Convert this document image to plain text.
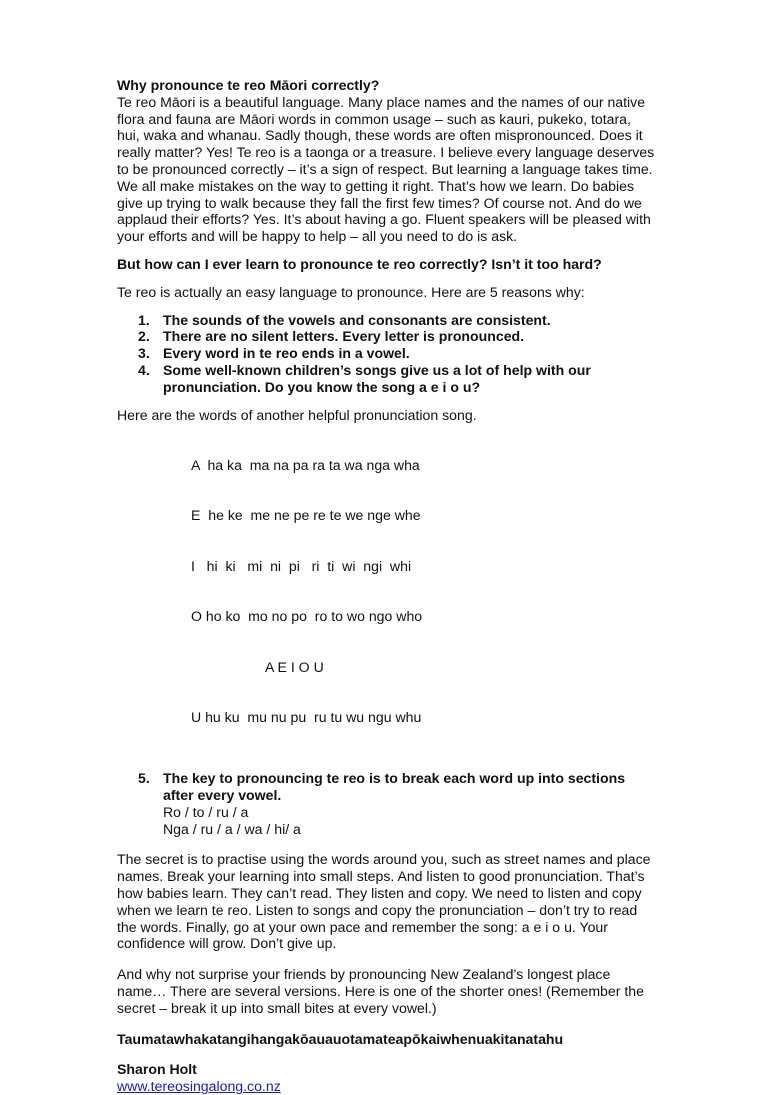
Why pronounce te reo Māori correctly?

Te reo Māori is a beautiful language. Many place names and the names of our native flora and fauna are Māori words in common usage – such as kauri, pukeko, totara, hui, waka and whanau. Sadly though, these words are often mispronounced. Does it really matter? Yes! Te reo is a taonga or a treasure. I believe every language deserves to be pronounced correctly – it’s a sign of respect. But learning a language takes time. We all make mistakes on the way to getting it right. That’s how we learn. Do babies give up trying to walk because they fall the first few times? Of course not. And do we applaud their efforts? Yes. It’s about having a go. Fluent speakers will be pleased with your efforts and will be happy to help – all you need to do is ask.

But how can I ever learn to pronounce te reo correctly? Isn’t it too hard?

Te reo is actually an easy language to pronounce. Here are 5 reasons why:

1. The sounds of the vowels and consonants are consistent.
2. There are no silent letters. Every letter is pronounced.
3. Every word in te reo ends in a vowel.
4. Some well-known children’s songs give us a lot of help with our pronunciation. Do you know the song a e i o u?

Here are the words of another helpful pronunciation song.

A  ha ka  ma na pa ra ta wa nga wha

E  he ke  me ne pe re te we nge whe

I   hi  ki   mi  ni  pi   ri  ti  wi  ngi  whi

O ho ko  mo no po  ro to wo ngo who

A E I O U

U hu ku  mu nu pu  ru tu wu ngu whu

5. The key to pronouncing te reo is to break each word up into sections after every vowel.
Ro / to / ru / a
Nga / ru / a / wa / hi/ a

The secret is to practise using the words around you, such as street names and place names. Break your learning into small steps. And listen to good pronunciation. That’s how babies learn. They can’t read. They listen and copy. We need to listen and copy when we learn te reo. Listen to songs and copy the pronunciation – don’t try to read the words. Finally, go at your own pace and remember the song: a e i o u. Your confidence will grow. Don’t give up.

And why not surprise your friends by pronouncing New Zealand’s longest place name… There are several versions. Here is one of the shorter ones! (Remember the secret – break it up into small bites at every vowel.)

Taumatawhakatangihangakōauauotamateapōkaiwhenuakitanatahu

Sharon Holt

www.tereosingalong.co.nz
